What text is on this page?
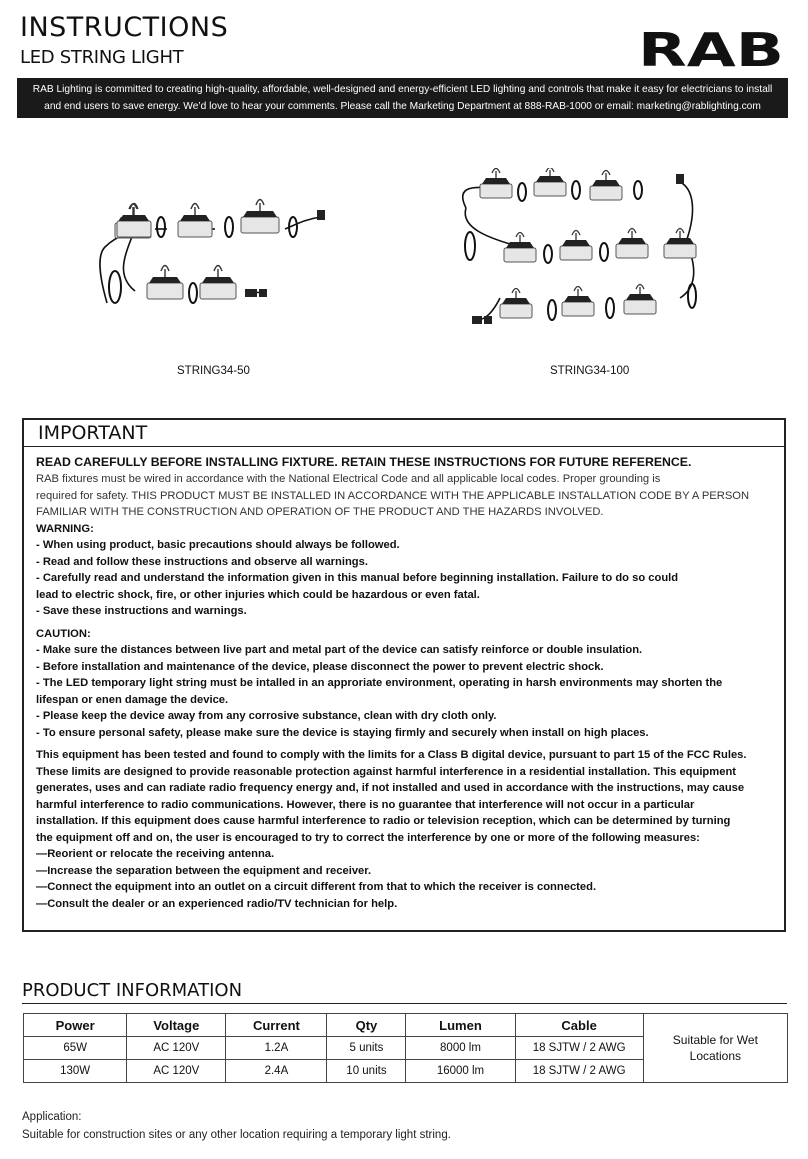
INSTRUCTIONS
LED STRING LIGHT	RAB
RAB Lighting is committed to creating high-quality, affordable, well-designed and energy-efficient LED lighting and controls that make it easy for electricians to install
and end users to save energy. We’d love to hear your comments. Please call the Marketing Department at 888-RAB-1000 or email: marketing@rablighting.com
STRING34-50	STRING34-100
IMPORTANT

READ CAREFULLY BEFORE INSTALLING FIXTURE. RETAIN THESE INSTRUCTIONS FOR FUTURE REFERENCE.

RAB fixtures must be wired in accordance with the National Electrical Code and all applicable local codes. Proper grounding is

required for safety. THIS PRODUCT MUST BE INSTALLED IN ACCORDANCE WITH THE APPLICABLE INSTALLATION CODE BY A PERSON

FAMILIAR WITH THE CONSTRUCTION AND OPERATION OF THE PRODUCT AND THE HAZARDS INVOLVED.

WARNING:

- When using product, basic precautions should always be followed.

- Read and follow these instructions and observe all warnings.

- Carefully read and understand the information given in this manual before beginning installation. Failure to do so could

lead to electric shock, fire, or other injuries which could be hazardous or even fatal.

- Save these instructions and warnings.

CAUTION:

- Make sure the distances between live part and metal part of the device can satisfy reinforce or double insulation.

- Before installation and maintenance of the device, please disconnect the power to prevent electric shock.

- The LED temporary light string must be intalled in an approriate environment, operating in harsh environments may shorten the

lifespan or enen damage the device.

- Please keep the device away from any corrosive substance, clean with dry cloth only.

- To ensure personal safety, please make sure the device is staying firmly and securely when install on high places.

This equipment has been tested and found to comply with the limits for a Class B digital device, pursuant to part 15 of the FCC Rules.

These limits are designed to provide reasonable protection against harmful interference in a residential installation. This equipment

generates, uses and can radiate radio frequency energy and, if not installed and used in accordance with the instructions, may cause

harmful interference to radio communications. However, there is no guarantee that interference will not occur in a particular

installation. If this equipment does cause harmful interference to radio or television reception, which can be determined by turning

the equipment off and on, the user is encouraged to try to correct the interference by one or more of the following measures:

—Reorient or relocate the receiving antenna.

—Increase the separation between the equipment and receiver.

—Connect the equipment into an outlet on a circuit different from that to which the receiver is connected.

—Consult the dealer or an experienced radio/TV technician for help.

PRODUCT INFORMATION
Power	Voltage	Current	Qty	Lumen	Cable	Suitable for Wet Locations
65W	AC 120V	1.2A	5 units	8000 lm	18 SJTW / 2 AWG	
130W	AC 120V	2.4A	10 units	16000 lm	18 SJTW / 2 AWG	
Application:
Suitable for construction sites or any other location requiring a temporary light string.
